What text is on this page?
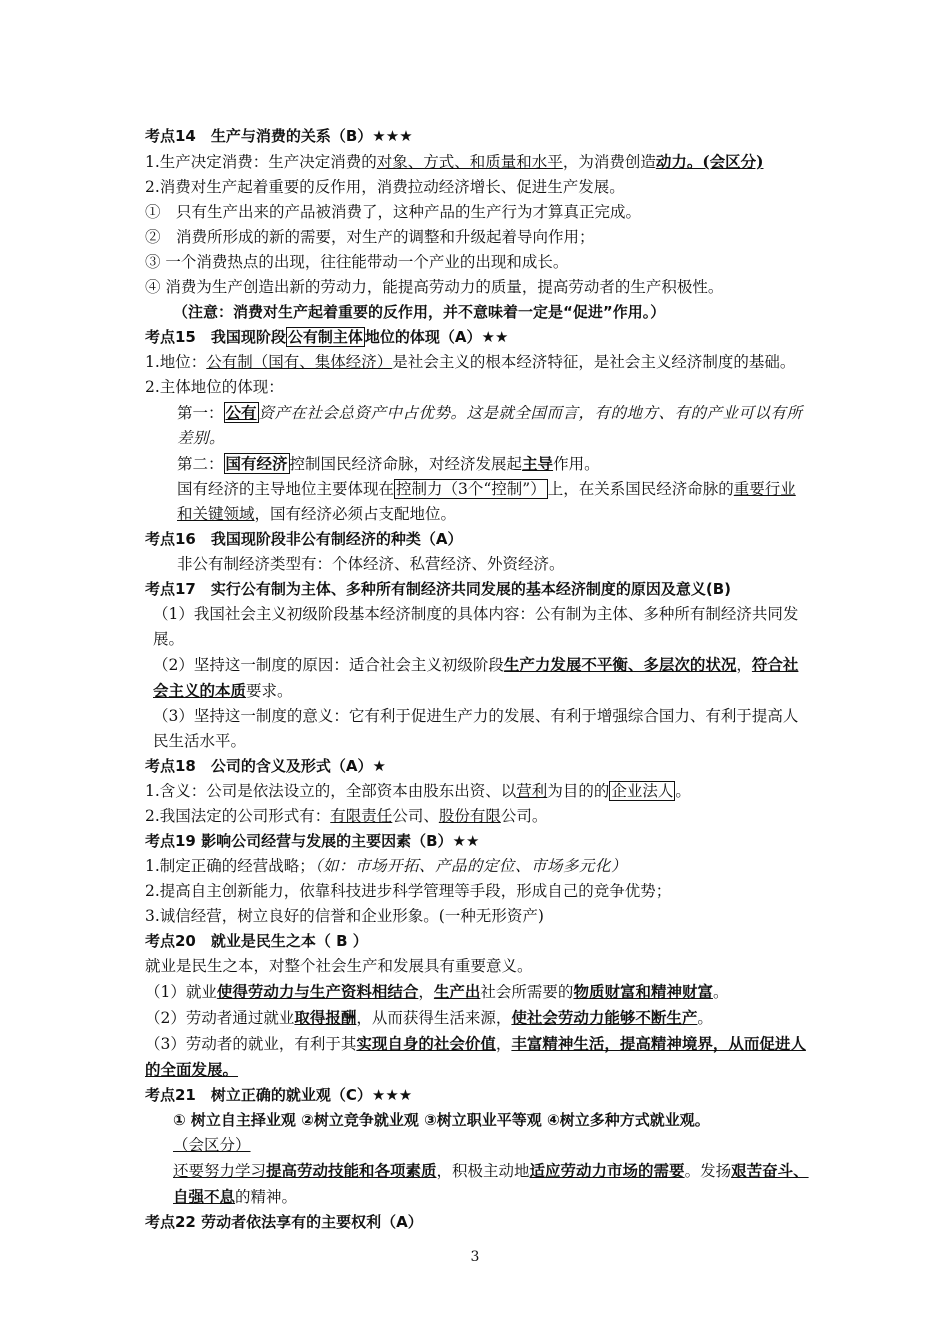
考点14　生产与消费的关系（B）★★★
1.生产决定消费：生产决定消费的对象、方式、和质量和水平，为消费创造动力。(会区分)
2.消费对生产起着重要的反作用，消费拉动经济增长、促进生产发展。
①　只有生产出来的产品被消费了，这种产品的生产行为才算真正完成。
②　消费所形成的新的需要，对生产的调整和升级起着导向作用；
③ 一个消费热点的出现，往往能带动一个产业的出现和成长。
④ 消费为生产创造出新的劳动力，能提高劳动力的质量，提高劳动者的生产积极性。
（注意：消费对生产起着重要的反作用，并不意味着一定是“促进”作用。）
考点15　我国现阶段 公有制主体 地位的体现（A）★★
1.地位：公有制（国有、集体经济）是社会主义的根本经济特征，是社会主义经济制度的基础。
2.主体地位的体现：
第一： 公有 资产在社会总资产中占优势。这是就全国而言，有的地方、有的产业可以有所差别。
第二： 国有经济 控制国民经济命脉，对经济发展起主导作用。
国有经济的主导地位主要体现在 控制力（3个“控制”） 上，在关系国民经济命脉的重要行业和关键领域，国有经济必须占支配地位。
考点16　我国现阶段非公有制经济的种类（A）
非公有制经济类型有：个体经济、私营经济、外资经济。
考点17　实行公有制为主体、多种所有制经济共同发展的基本经济制度的原因及意义(B)
（1）我国社会主义初级阶段基本经济制度的具体内容：公有制为主体、多种所有制经济共同发展。
（2）坚持这一制度的原因：适合社会主义初级阶段生产力发展不平衡、多层次的状况，符合社会主义的本质要求。
（3）坚持这一制度的意义：它有利于促进生产力的发展、有利于增强综合国力、有利于提高人民生活水平。
考点18　公司的含义及形式（A）★
1.含义：公司是依法设立的，全部资本由股东出资、以营利为目的的 企业法人 。
2.我国法定的公司形式有：有限责任公司、股份有限公司。
考点19 影响公司经营与发展的主要因素（B）★★
1.制定正确的经营战略；（如：市场开拓、产品的定位、市场多元化）
2.提高自主创新能力，依靠科技进步科学管理等手段，形成自己的竞争优势；
3.诚信经营，树立良好的信誉和企业形象。(一种无形资产)
考点20　就业是民生之本（ B ）
就业是民生之本，对整个社会生产和发展具有重要意义。
（1）就业使得劳动力与生产资料相结合，生产出社会所需要的物质财富和精神财富。
（2）劳动者通过就业取得报酬，从而获得生活来源，使社会劳动力能够不断生产。
（3）劳动者的就业，有利于其实现自身的社会价值，丰富精神生活，提高精神境界，从而促进人的全面发展。
考点21　树立正确的就业观（C）★★★
① 树立自主择业观 ②树立竞争就业观 ③树立职业平等观 ④树立多种方式就业观。
（会区分）
还要努力学习提高劳动技能和各项素质，积极主动地适应劳动力市场的需要。发扬艰苦奋斗、自强不息的精神。
考点22 劳动者依法享有的主要权利（A）
3
